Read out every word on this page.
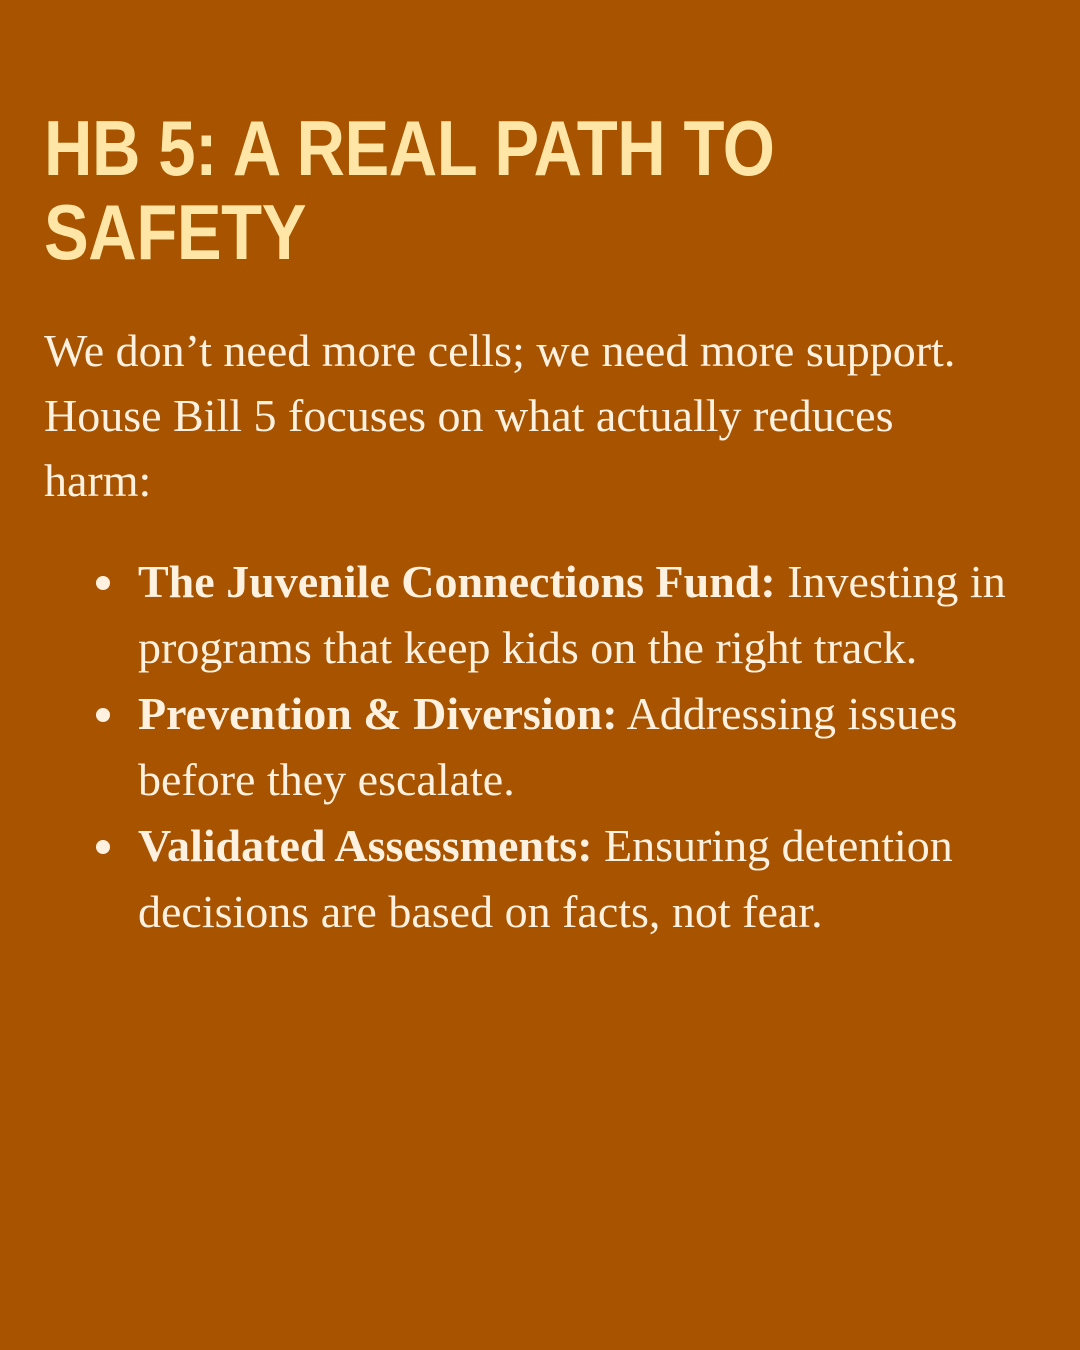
HB 5: A REAL PATH TO SAFETY

We don’t need more cells; we need more support. House Bill 5 focuses on what actually reduces harm:

The Juvenile Connections Fund: Investing in programs that keep kids on the right track.
Prevention & Diversion: Addressing issues before they escalate.
Validated Assessments: Ensuring detention decisions are based on facts, not fear.
